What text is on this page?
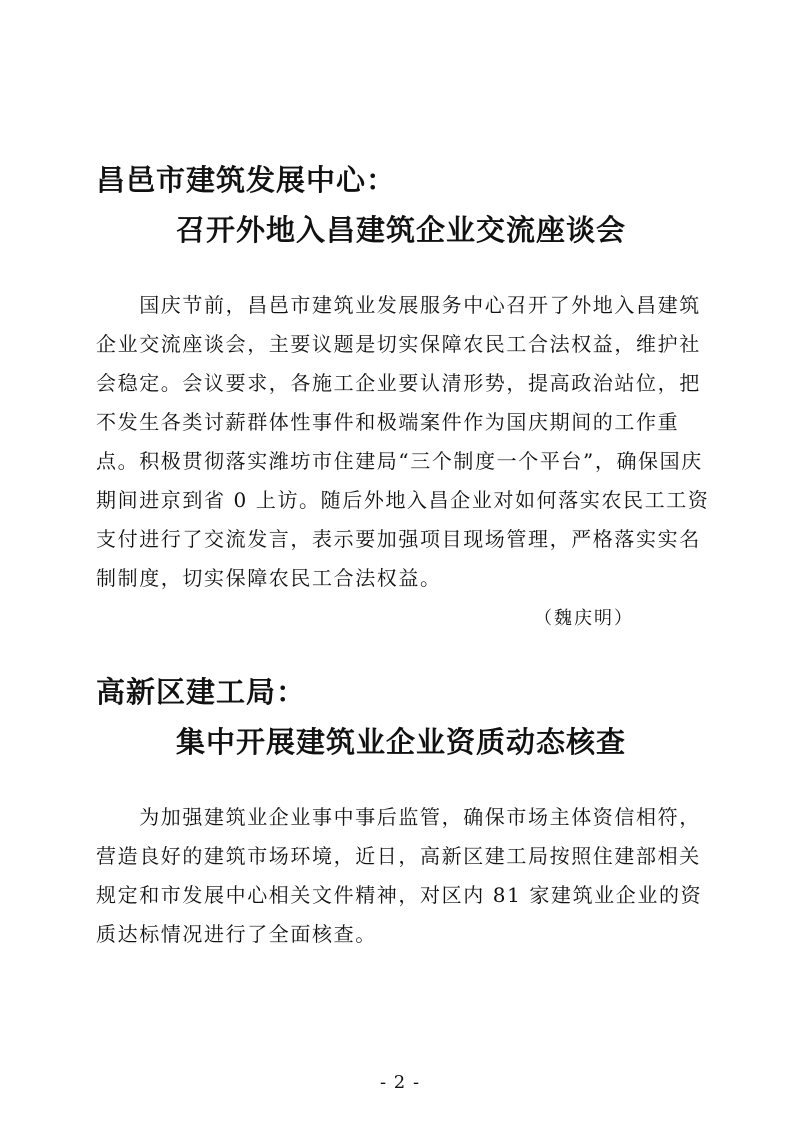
昌邑市建筑发展中心：
召开外地入昌建筑企业交流座谈会

　　国庆节前，昌邑市建筑业发展服务中心召开了外地入昌建筑
企业交流座谈会，主要议题是切实保障农民工合法权益，维护社
会稳定。会议要求，各施工企业要认清形势，提高政治站位，把
不发生各类讨薪群体性事件和极端案件作为国庆期间的工作重
点。积极贯彻落实潍坊市住建局“三个制度一个平台”，确保国庆
期间进京到省 0 上访。随后外地入昌企业对如何落实农民工工资
支付进行了交流发言，表示要加强项目现场管理，严格落实实名
制制度，切实保障农民工合法权益。

（魏庆明）
高新区建工局：
集中开展建筑业企业资质动态核查

　　为加强建筑业企业事中事后监管，确保市场主体资信相符，
营造良好的建筑市场环境，近日，高新区建工局按照住建部相关
规定和市发展中心相关文件精神，对区内 81 家建筑业企业的资
质达标情况进行了全面核查。

- 2 -
